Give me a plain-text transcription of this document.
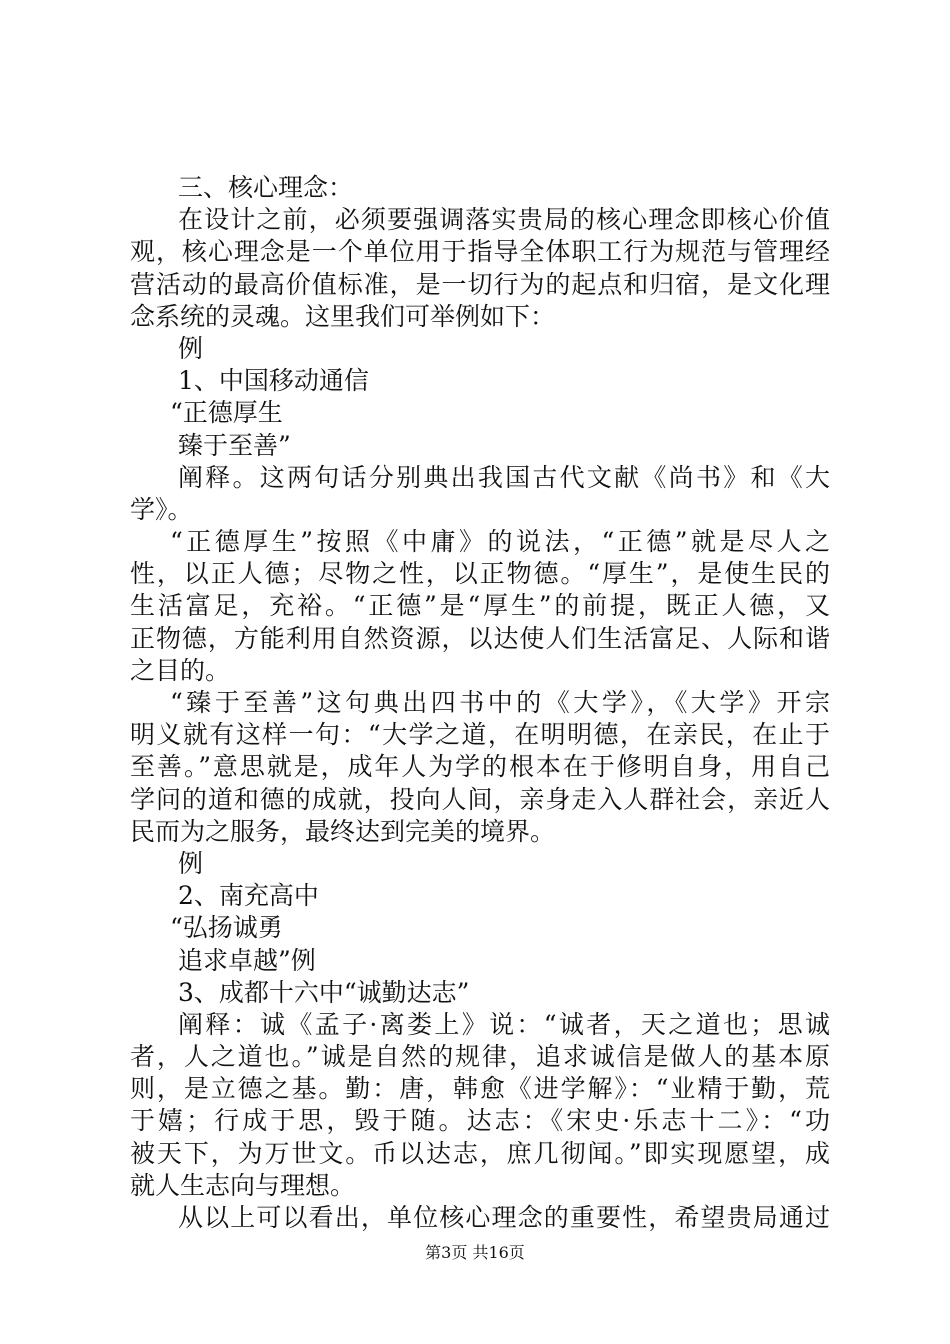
三、核心理念：
在设计之前，必须要强调落实贵局的核心理念即核心价值
观，核心理念是一个单位用于指导全体职工行为规范与管理经
营活动的最高价值标准，是一切行为的起点和归宿，是文化理
念系统的灵魂。这里我们可举例如下：
例
1、中国移动通信
“正德厚生
臻于至善”
阐释。这两句话分别典出我国古代文献《尚书》和《大
学》。
“正德厚生”按照《中庸》的说法，“正德”就是尽人之
性，以正人德；尽物之性，以正物德。“厚生”，是使生民的
生活富足，充裕。“正德”是“厚生”的前提，既正人德，又
正物德，方能利用自然资源，以达使人们生活富足、人际和谐
之目的。
“臻于至善”这句典出四书中的《大学》，《大学》开宗
明义就有这样一句：“大学之道，在明明德，在亲民，在止于
至善。”意思就是，成年人为学的根本在于修明自身，用自己
学问的道和德的成就，投向人间，亲身走入人群社会，亲近人
民而为之服务，最终达到完美的境界。
例
2、南充高中
“弘扬诚勇
追求卓越”例
3、成都十六中“诚勤达志”
阐释：诚《孟子·离娄上》说：“诚者，天之道也；思诚
者，人之道也。”诚是自然的规律，追求诚信是做人的基本原
则，是立德之基。勤：唐，韩愈《进学解》：“业精于勤，荒
于嬉；行成于思，毁于随。达志：《宋史·乐志十二》：“功
被天下，为万世文。币以达志，庶几彻闻。”即实现愿望，成
就人生志向与理想。
从以上可以看出，单位核心理念的重要性，希望贵局通过
第3页 共16页
